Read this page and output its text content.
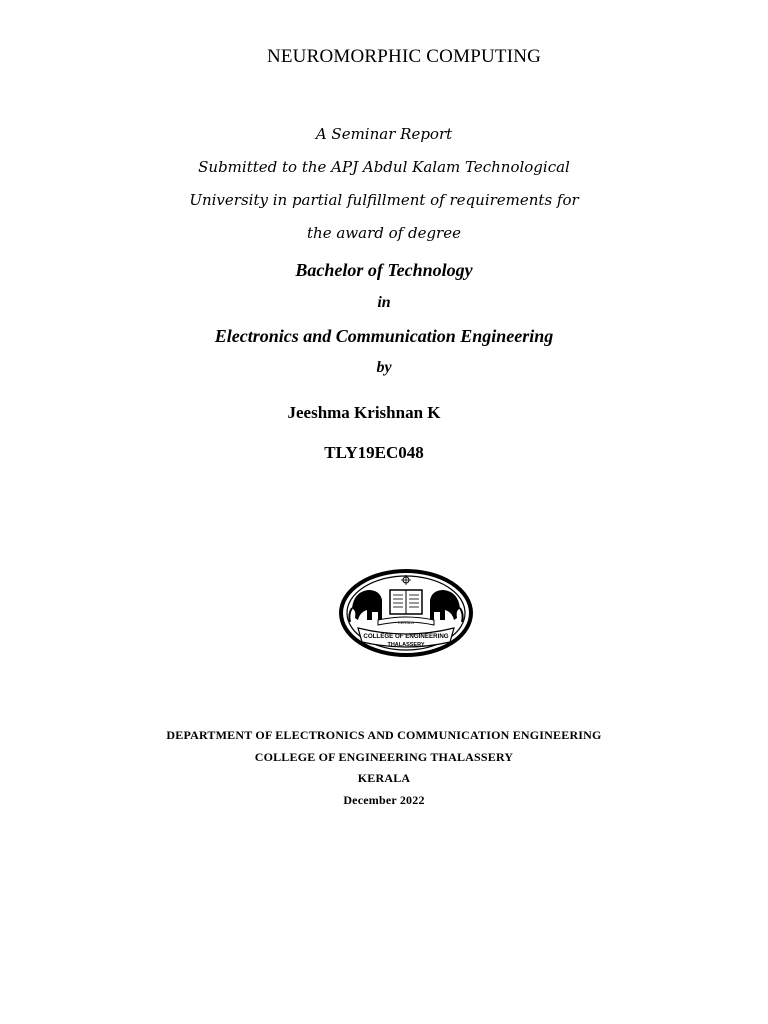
NEUROMORPHIC COMPUTING
A Seminar Report
Submitted to the APJ Abdul Kalam Technological
University in partial fulfillment of requirements for
the award of degree
Bachelor of Technology
in
Electronics and Communication Engineering
by
Jeeshma Krishnan K
TLY19EC048
KERALA
COLLEGE OF ENGINEERING
THALASSERY
DEPARTMENT OF ELECTRONICS AND COMMUNICATION ENGINEERING
COLLEGE OF ENGINEERING THALASSERY
KERALA
December 2022
